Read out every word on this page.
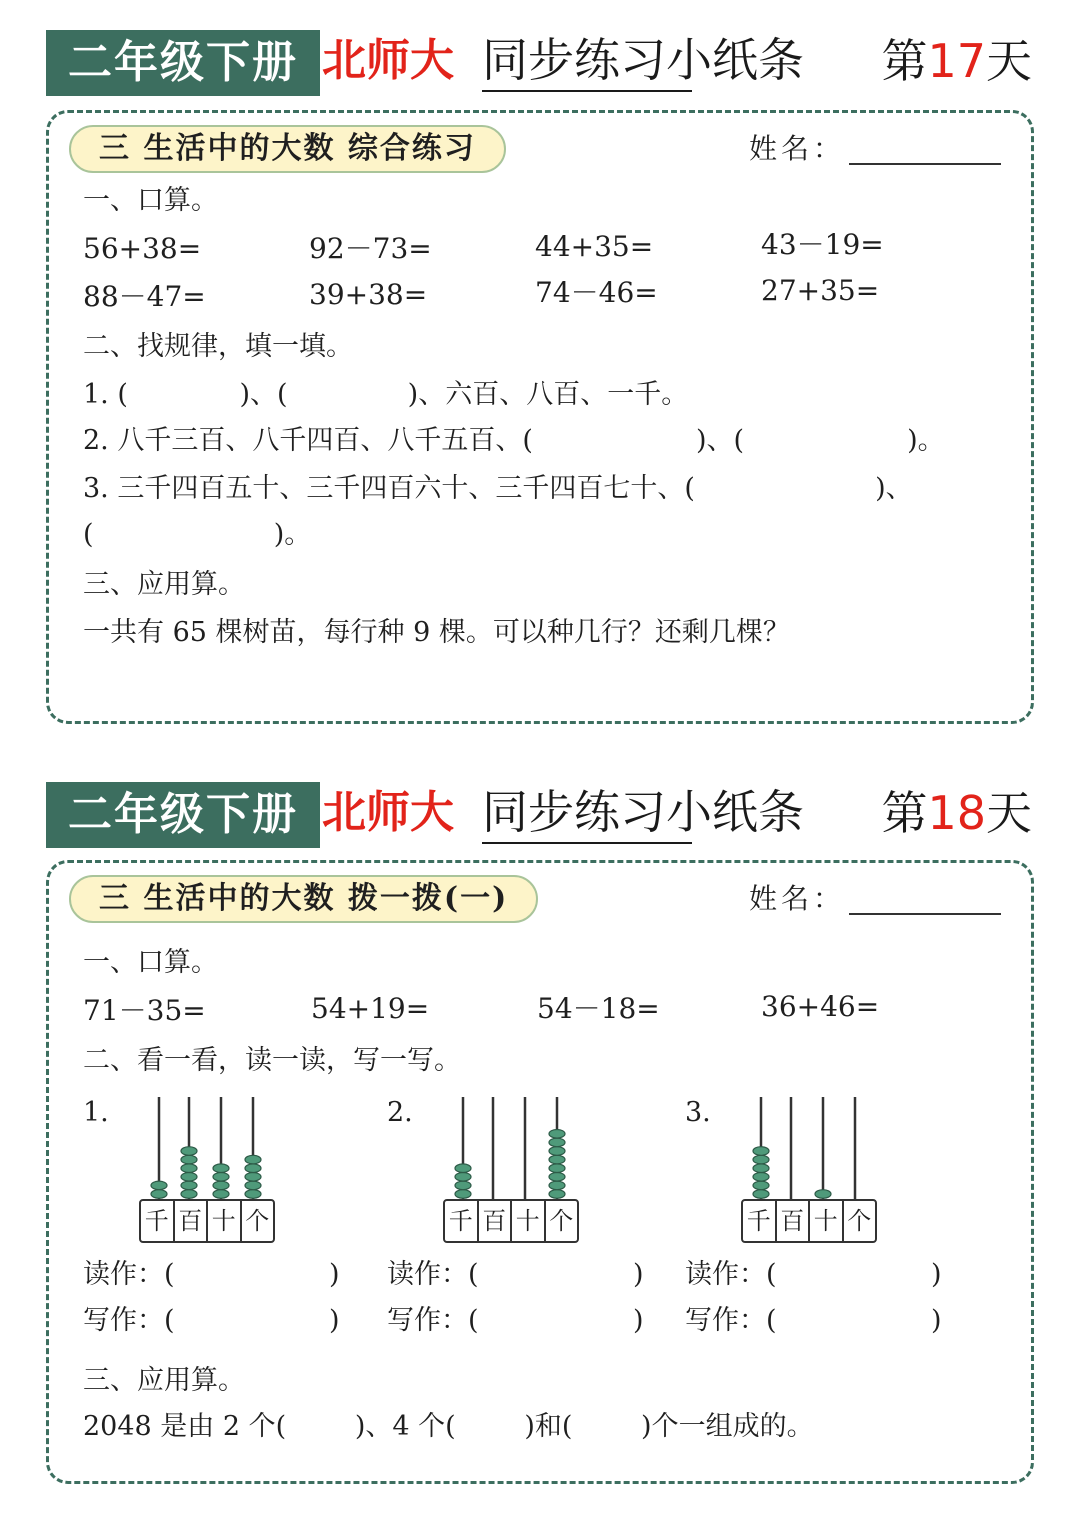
二年级下册 北师大 同步练习小纸条 第17天
三 生活中的大数 综合练习	姓名：
一、口算。
56+38=	92－73=	44+35=	43－19=
88－47=	39+38=	74－46=	27+35=
二、找规律，填一填。
1. (             )、(              )、六百、八百、一千。
2. 八千三百、八千四百、八千五百、(                   )、(                   )。
3. 三千四百五十、三千四百六十、三千四百七十、(                     )、
(                     )。
三、应用算。
一共有 65 棵树苗，每行种 9 棵。可以种几行？还剩几棵？
二年级下册 北师大 同步练习小纸条 第18天
三 生活中的大数 拨一拨(一)	姓名：
一、口算。
71－35=	54+19=	54－18=	36+46=
二、看一看，读一读，写一写。
1.
千 百 十 个
2.
千 百 十 个
3.
千 百 十 个
读作：(                  )
写作：(                  )
读作：(                  )
写作：(                  )
读作：(                  )
写作：(                  )
三、应用算。
2048 是由 2 个(        )、4 个(        )和(        )个一组成的。
